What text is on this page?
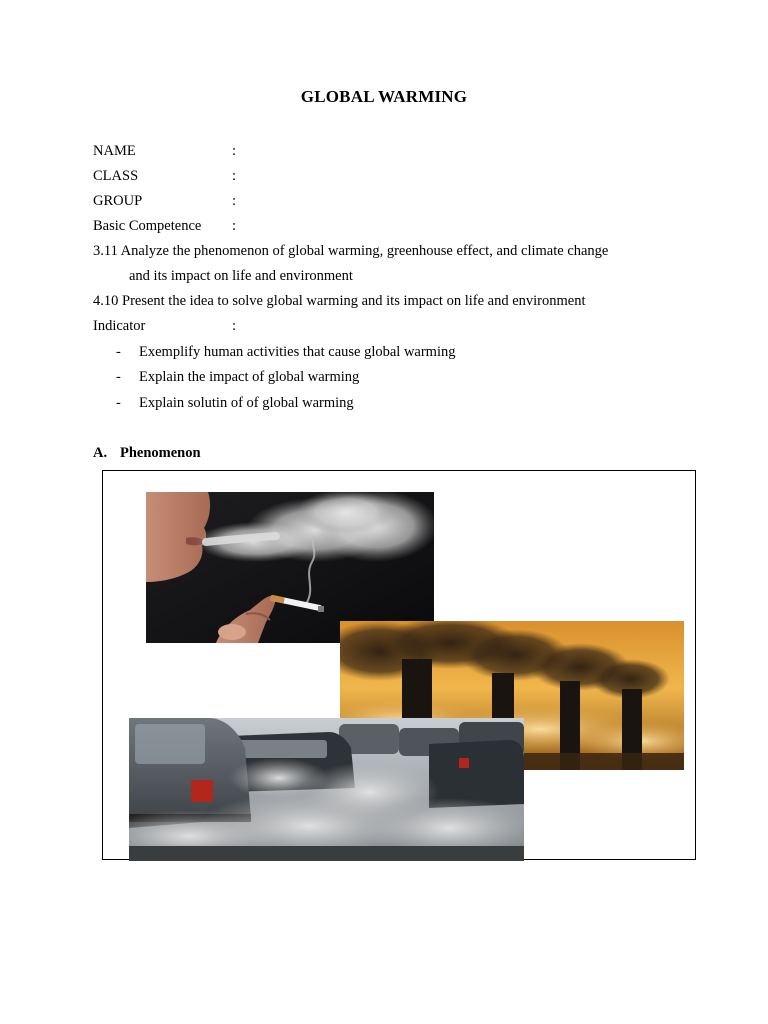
GLOBAL WARMING
NAME	:
CLASS	:
GROUP	:
Basic Competence :
3.11 Analyze the phenomenon of global warming, greenhouse effect, and climate change
and its impact on life and environment
4.10 Present the idea to solve global warming and its impact on life and environment
Indicator	:
- Exemplify human activities that cause global warming
- Explain the impact of global warming
- Explain solutin of of global warming
A. Phenomenon
